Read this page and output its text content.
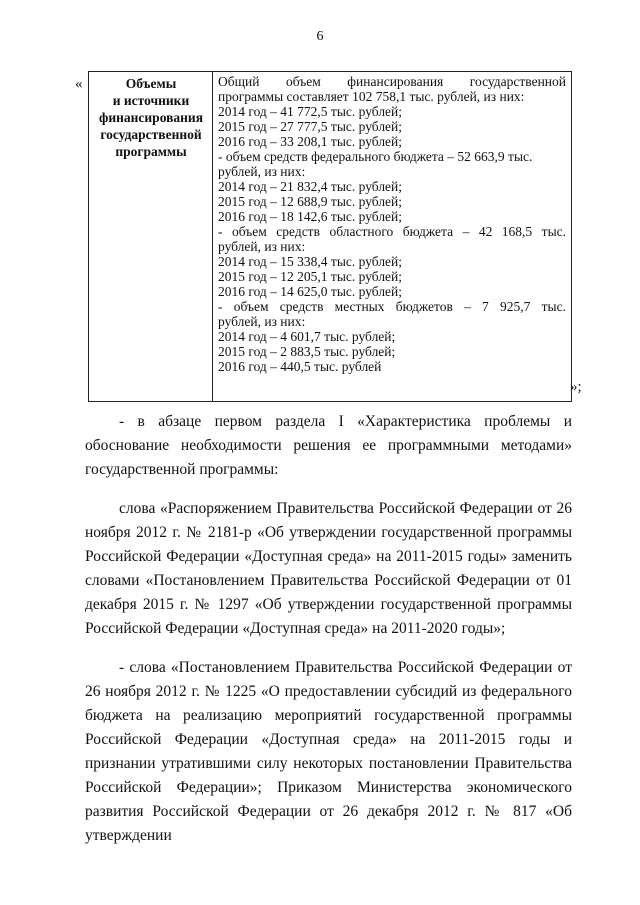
6
«	Объемы
и источники
финансирования
государственной
программы
Общий объем финансирования государственной
программы составляет 102 758,1 тыс. рублей, из них:
2014 год – 41 772,5 тыс. рублей;
2015 год – 27 777,5 тыс. рублей;
2016 год – 33 208,1 тыс. рублей;
- объем средств федерального бюджета – 52 663,9 тыс.
рублей, из них:
2014 год – 21 832,4 тыс. рублей;
2015 год – 12 688,9 тыс. рублей;
2016 год – 18 142,6 тыс. рублей;
- объем средств областного бюджета – 42 168,5 тыс.
рублей, из них:
2014 год – 15 338,4 тыс. рублей;
2015 год – 12 205,1 тыс. рублей;
2016 год – 14 625,0 тыс. рублей;
- объем средств местных бюджетов – 7 925,7 тыс.
рублей, из них:
2014 год – 4 601,7 тыс. рублей;
2015 год – 2 883,5 тыс. рублей;
2016 год – 440,5 тыс. рублей
»;

- в абзаце первом раздела I «Характеристика проблемы и обоснование необходимости решения ее программными методами» государственной программы:

слова «Распоряжением Правительства Российской Федерации от 26 ноября 2012 г. № 2181-р «Об утверждении государственной программы Российской Федерации «Доступная среда» на 2011-2015 годы» заменить словами «Постановлением Правительства Российской Федерации от 01 декабря 2015 г. № 1297 «Об утверждении государственной программы Российской Федерации «Доступная среда» на 2011-2020 годы»;

- слова «Постановлением Правительства Российской Федерации от 26 ноября 2012 г. № 1225 «О предоставлении субсидий из федерального бюджета на реализацию мероприятий государственной программы Российской Федерации «Доступная среда» на 2011-2015 годы и признании утратившими силу некоторых постановлении Правительства Российской Федерации»; Приказом Министерства экономического развития Российской Федерации от 26 декабря 2012 г. № 817 «Об утверждении
